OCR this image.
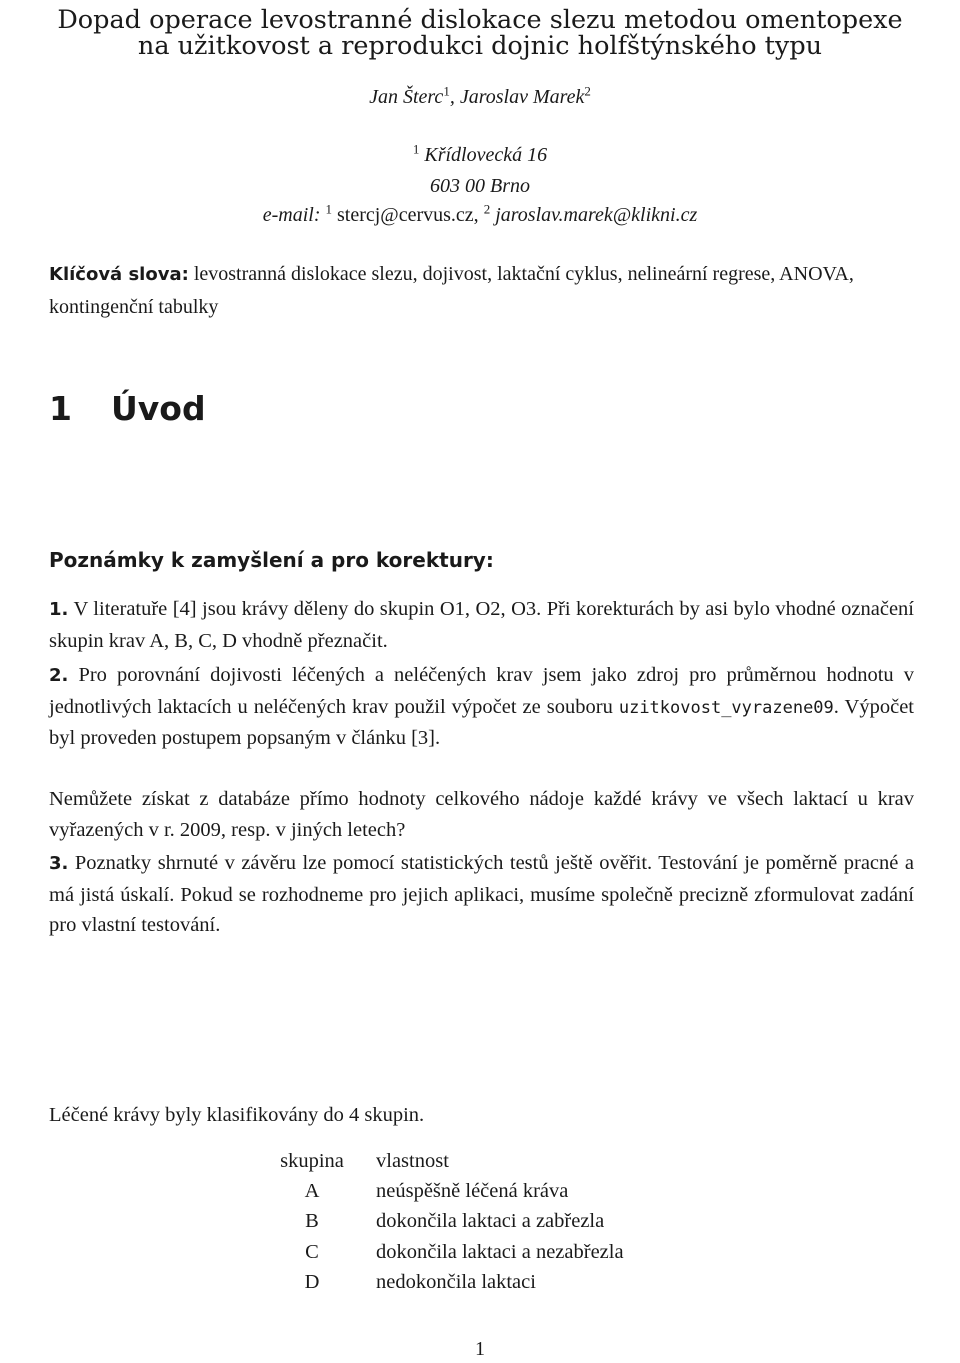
Dopad operace levostranné dislokace slezu metodou omentopexe
na užitkovost a reprodukci dojnic holfštýnského typu
Jan Šterc$^1$, Jaroslav Marek$^2$
$^1$ Křídlovecká 16
603 00 Brno
e-mail: $^1$ stercj@cervus.cz, $^2$ jaroslav.marek@klikni.cz
Klíčová slova: levostranná dislokace slezu, dojivost, laktační cyklus, nelineární regrese, ANOVA, kontingenční tabulky
1 Úvod
Poznámky k zamyšlení a pro korektury:
1. V literatuře [4] jsou krávy děleny do skupin O1, O2, O3. Při korekturách by asi bylo vhodné označení skupin krav A, B, C, D vhodně přeznačit.
2. Pro porovnání dojivosti léčených a neléčených krav jsem jako zdroj pro průměrnou hodnotu v jednotlivých laktacích u neléčených krav použil výpočet ze souboru uzitkovost_vyrazene09. Výpočet byl proveden postupem popsaným v článku [3].
Nemůžete získat z databáze přímo hodnoty celkového nádoje každé krávy ve všech laktací u krav vyřazených v r. 2009, resp. v jiných letech?
3. Poznatky shrnuté v závěru lze pomocí statistických testů ještě ověřit. Testování je poměrně pracné a má jistá úskalí. Pokud se rozhodneme pro jejich aplikaci, musíme společně precizně zformulovat zadání pro vlastní testování.
Léčené krávy byly klasifikovány do 4 skupin.
skupina	vlastnost
A	neúspěšně léčená kráva
B	dokončila laktaci a zabřezla
C	dokončila laktaci a nezabřezla
D	nedokončila laktaci
1
